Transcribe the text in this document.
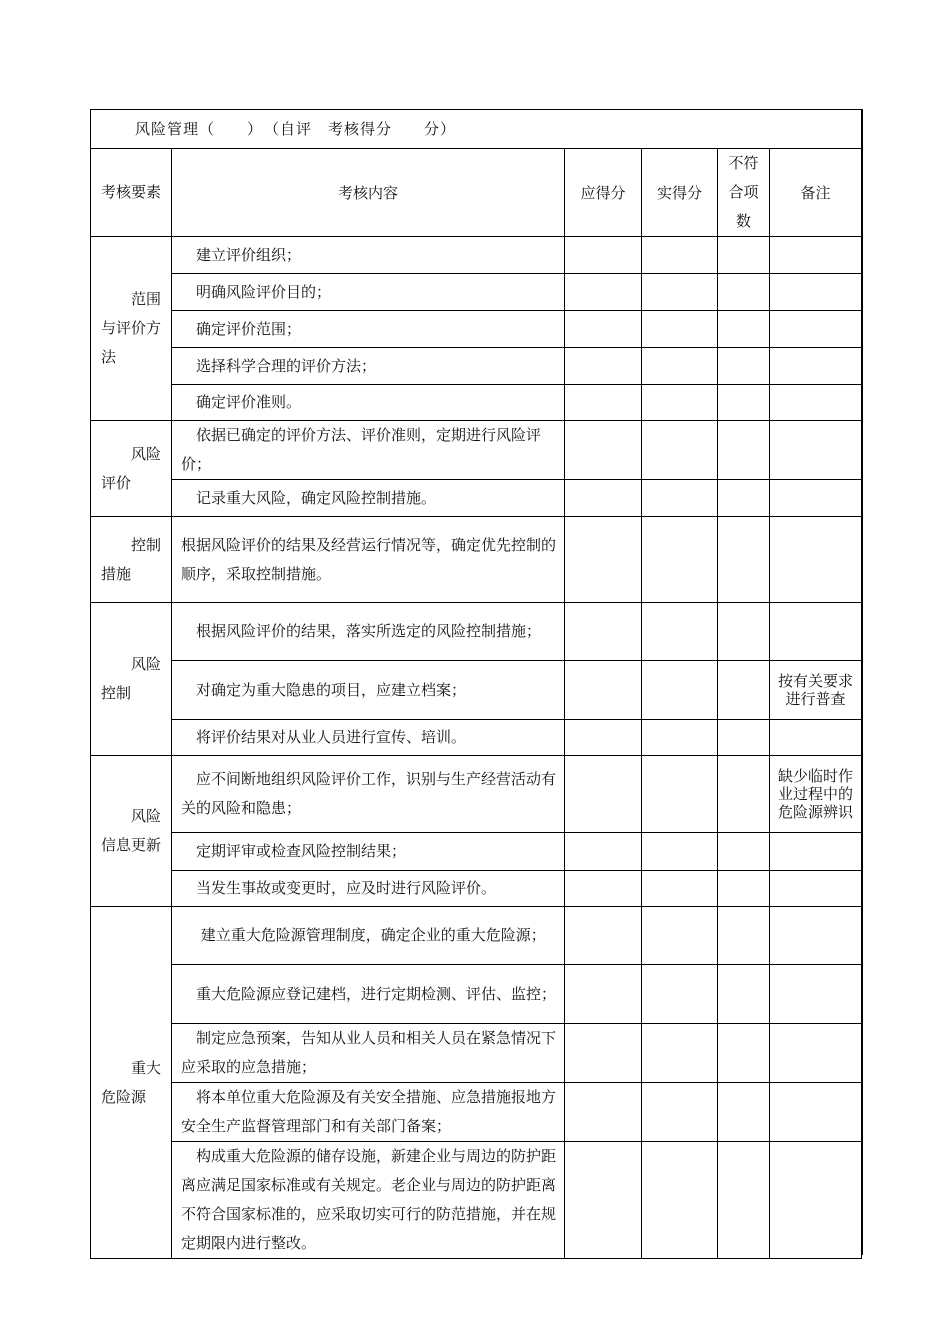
风险管理（　　）　（自评　考核得分　　分）					
考核要素	考核内容	应得分	实得分	不符合项数	备注
范围与评价方法	　建立评价组织；				
	　明确风险评价目的；				
	　确定评价范围；				
	　选择科学合理的评价方法；				
	　确定评价准则。				
风险评价	　依据已确定的评价方法、评价准则，定期进行风险评价；				
	　记录重大风险，确定风险控制措施。				
控制措施	根据风险评价的结果及经营运行情况等，确定优先控制的顺序，采取控制措施。				
风险控制	　根据风险评价的结果，落实所选定的风险控制措施；				
	　对确定为重大隐患的项目，应建立档案；				按有关要求进行普查
	　将评价结果对从业人员进行宣传、培训。				
风险信息更新	　应不间断地组织风险评价工作，识别与生产经营活动有关的风险和隐患；				缺少临时作业过程中的危险源辨识
	　定期评审或检查风险控制结果；				
	　当发生事故或变更时，应及时进行风险评价。				
重大危险源	　 建立重大危险源管理制度，确定企业的重大危险源；				
	　重大危险源应登记建档，进行定期检测、评估、监控；				
	　制定应急预案，告知从业人员和相关人员在紧急情况下应采取的应急措施；				
	　将本单位重大危险源及有关安全措施、应急措施报地方安全生产监督管理部门和有关部门备案；				
	　构成重大危险源的储存设施，新建企业与周边的防护距离应满足国家标准或有关规定。老企业与周边的防护距离不符合国家标准的，应采取切实可行的防范措施，并在规定期限内进行整改。				
